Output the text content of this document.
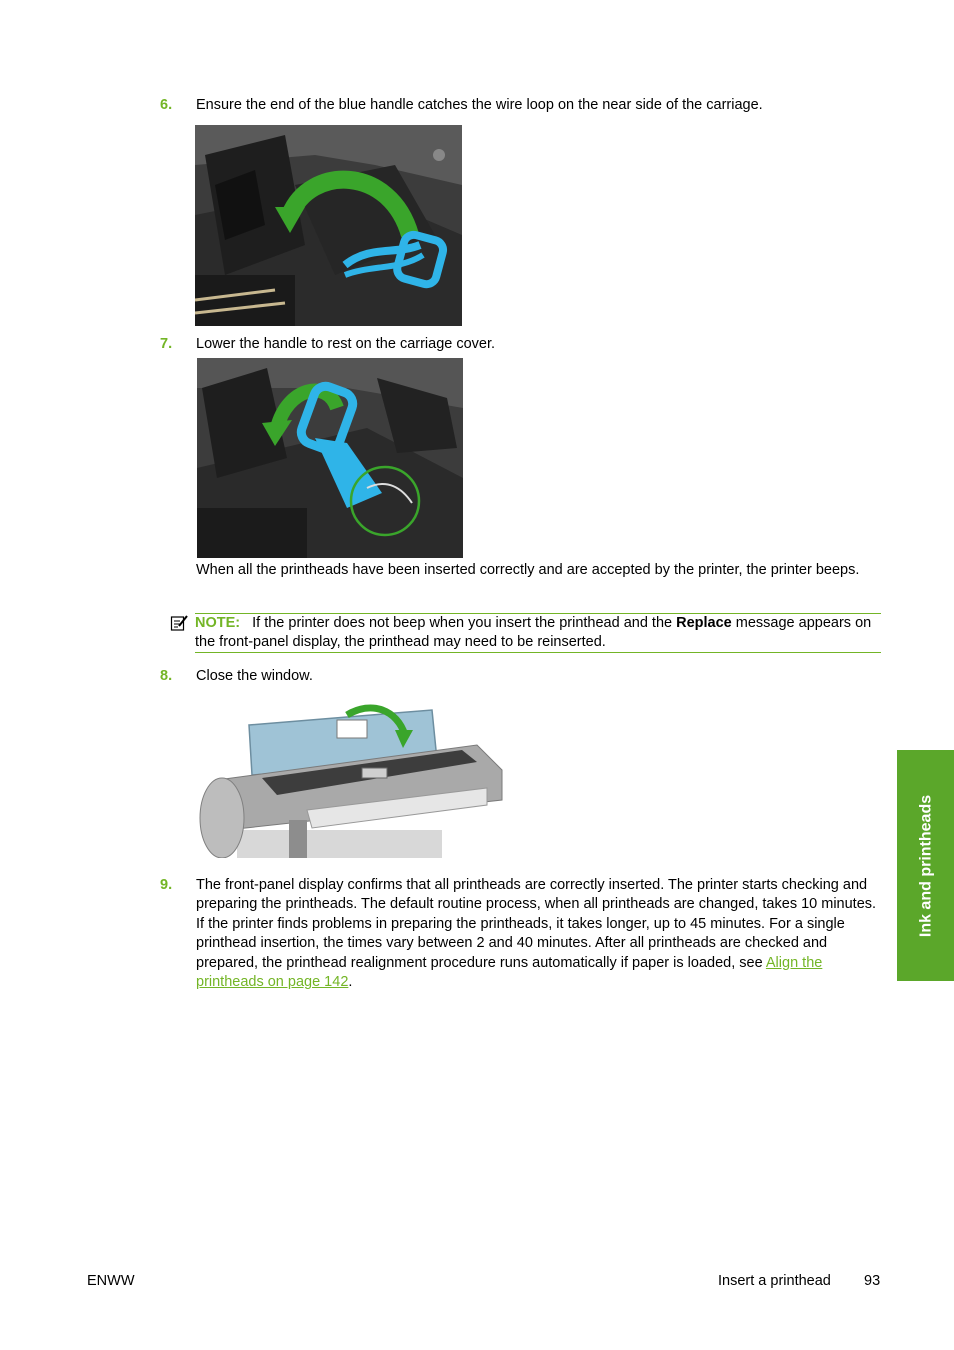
6. Ensure the end of the blue handle catches the wire loop on the near side of the carriage.
7. Lower the handle to rest on the carriage cover.
When all the printheads have been inserted correctly and are accepted by the printer, the printer beeps.
NOTE: If the printer does not beep when you insert the printhead and the Replace message appears on the front-panel display, the printhead may need to be reinserted.
8. Close the window.
9. The front-panel display confirms that all printheads are correctly inserted. The printer starts checking and preparing the printheads. The default routine process, when all printheads are changed, takes 10 minutes. If the printer finds problems in preparing the printheads, it takes longer, up to 45 minutes. For a single printhead insertion, the times vary between 2 and 40 minutes. After all printheads are checked and prepared, the printhead realignment procedure runs automatically if paper is loaded, see Align the printheads on page 142.
Ink and printheads
ENWW	Insert a printhead 93
